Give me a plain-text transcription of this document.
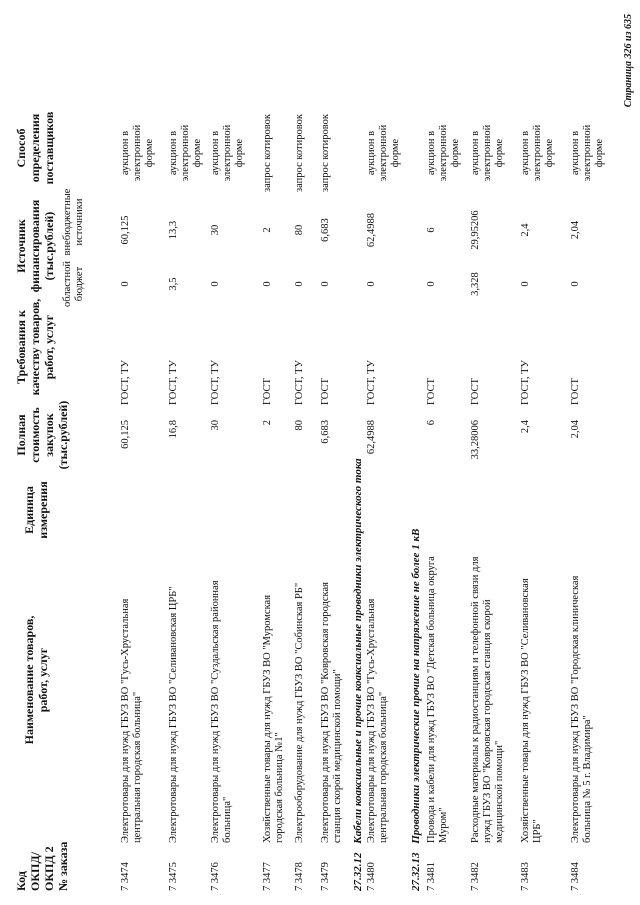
Код ОКПД/ ОКПД 2 № заказа
Наименование товаров, работ, услуг
Единица измерения
Полная стоимость закупок (тыс.рублей)
Требования к качеству товаров, работ, услуг
Источник финансирования (тыс.рублей)
областной бюджет
внебюджетные источники
Способ определения поставщиков
7 3474
Электротовары для нужд ГБУЗ ВО "Гусь-Хрустальная центральная городская больница"
60,125
ГОСТ, ТУ
0
60,125
аукцион в электронной форме
7 3475
Электротовары для нужд ГБУЗ ВО "Селивановская ЦРБ"
16,8
ГОСТ, ТУ
3,5
13,3
аукцион в электронной форме
7 3476
Электротовары для нужд ГБУЗ ВО "Суздальская районная больница"
30
ГОСТ, ТУ
0
30
аукцион в электронной форме
7 3477
Хозяйственные товары для нужд ГБУЗ ВО "Муромская городская больница №1"
2
ГОСТ
0
2
запрос котировок
7 3478
Электрооборудование для нужд ГБУЗ ВО "Собинская РБ"
80
ГОСТ, ТУ
0
80
запрос котировок
7 3479
Электротовары для нужд ГБУЗ ВО "Ковровская городская станция скорой медицинской помощи"
6,683
ГОСТ
0
6,683
запрос котировок
27.32.12 Кабели коаксиальные и прочие коаксиальные проводники электрического тока
7 3480
Электротовары для нужд ГБУЗ ВО "Гусь-Хрустальная центральная городская больница"
62,4988
ГОСТ, ТУ
0
62,4988
аукцион в электронной форме
27.32.13 Проводники электрические прочие на напряжение не более 1 кВ
7 3481
Провода и кабели для нужд ГБУЗ ВО "Детская больница округа Муром"
6
ГОСТ
0
6
аукцион в электронной форме
7 3482
Расходные материалы к радиостанциям и телефонной связи для нужд ГБУЗ ВО "Ковровская городская станция скорой медицинской помощи"
33,28006
ГОСТ
3,328
29,95206
аукцион в электронной форме
7 3483
Хозяйственные товары для нужд ГБУЗ ВО "Селивановская ЦРБ"
2,4
ГОСТ, ТУ
0
2,4
аукцион в электронной форме
7 3484
Электротовары для нужд ГБУЗ ВО "Городская клиническая больница № 5 г. Владимира"
2,04
ГОСТ
0
2,04
аукцион в электронной форме
Страница 326 из 635
